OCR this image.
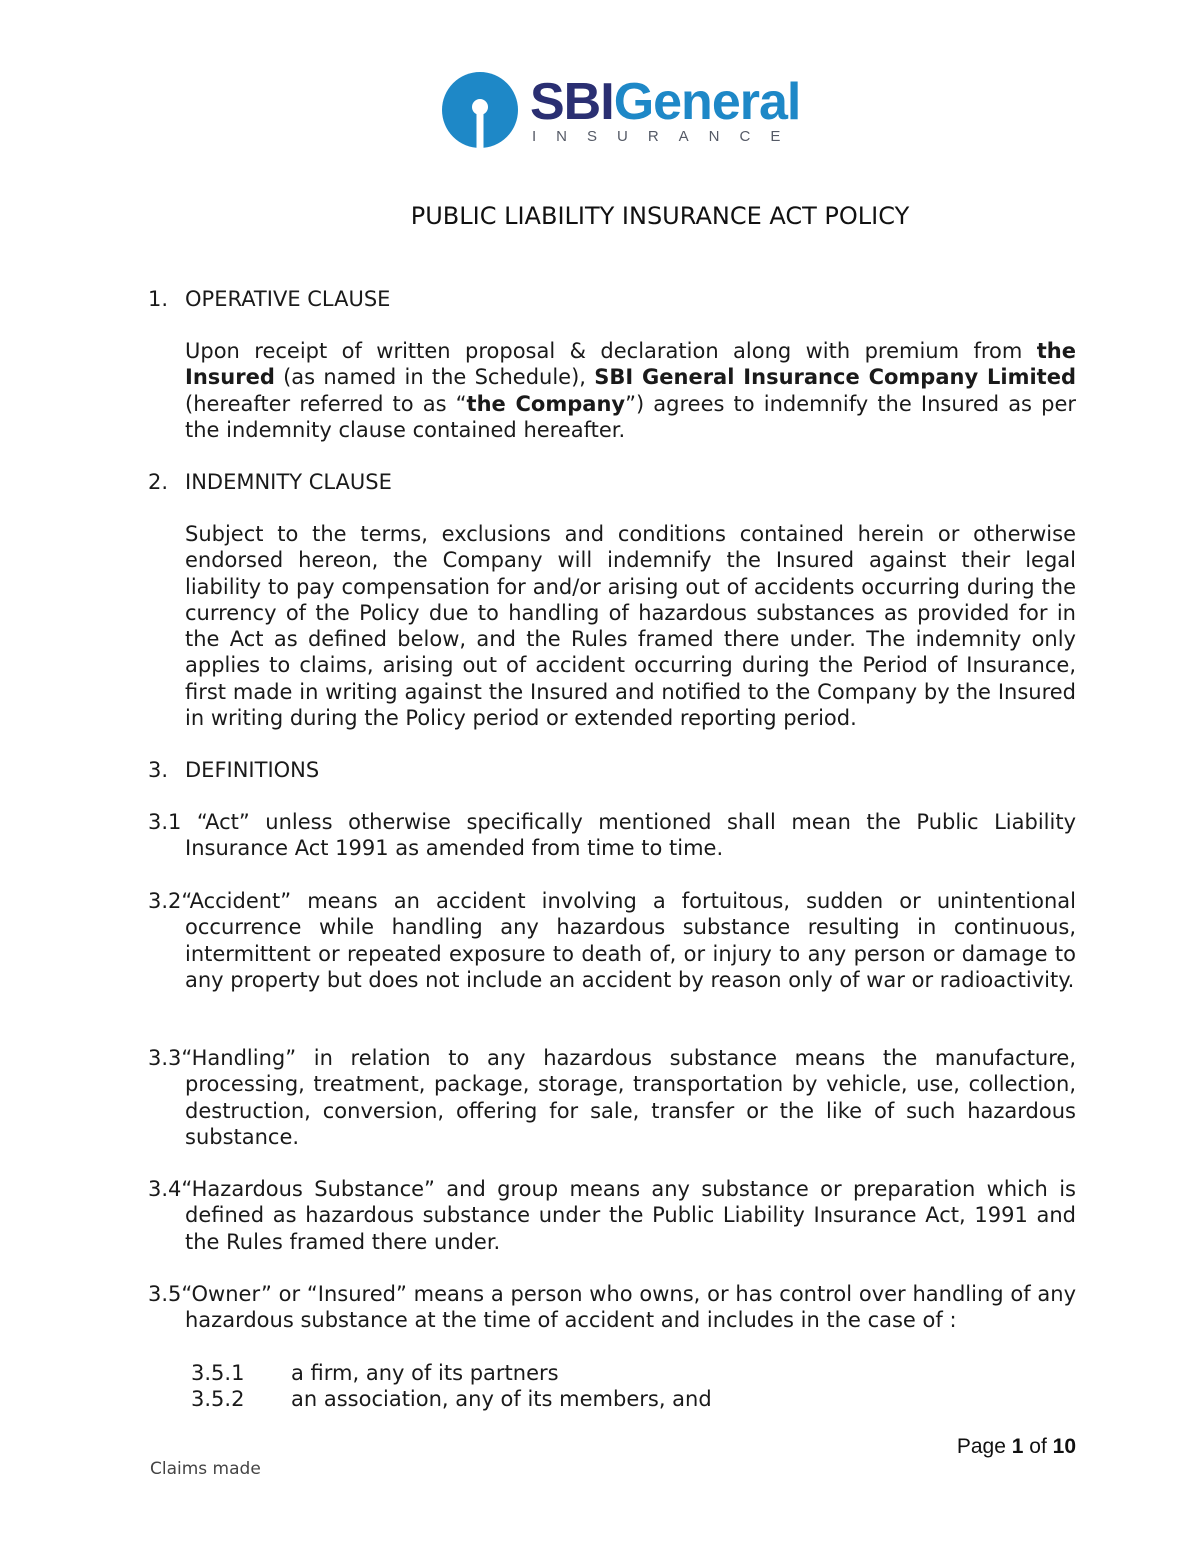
SBIGeneral
INSURANCE
PUBLIC LIABILITY INSURANCE ACT POLICY
1. OPERATIVE CLAUSE
Upon receipt of written proposal & declaration along with premium from the Insured (as named in the Schedule), SBI General Insurance Company Limited (hereafter referred to as “the Company”) agrees to indemnify the Insured as per the indemnity clause contained hereafter.
2. INDEMNITY CLAUSE
Subject to the terms, exclusions and conditions contained herein or otherwise endorsed hereon, the Company will indemnify the Insured against their legal liability to pay compensation for and/or arising out of accidents occurring during the currency of the Policy due to handling of hazardous substances as provided for in the Act as defined below, and the Rules framed there under. The indemnity only applies to claims, arising out of accident occurring during the Period of Insurance, first made in writing against the Insured and notified to the Company by the Insured in writing during the Policy period or extended reporting period.
3. DEFINITIONS
3.1 “Act” unless otherwise specifically mentioned shall mean the Public Liability Insurance Act 1991 as amended from time to time.
3.2“Accident” means an accident involving a fortuitous, sudden or unintentional occurrence while handling any hazardous substance resulting in continuous, intermittent or repeated exposure to death of, or injury to any person or damage to any property but does not include an accident by reason only of war or radioactivity.
3.3“Handling” in relation to any hazardous substance means the manufacture, processing, treatment, package, storage, transportation by vehicle, use, collection, destruction, conversion, offering for sale, transfer or the like of such hazardous substance.
3.4“Hazardous Substance” and group means any substance or preparation which is defined as hazardous substance under the Public Liability Insurance Act, 1991 and the Rules framed there under.
3.5“Owner” or “Insured” means a person who owns, or has control over handling of any hazardous substance at the time of accident and includes in the case of :
3.5.1 a firm, any of its partners
3.5.2 an association, any of its members, and
Page 1 of 10
Claims made
